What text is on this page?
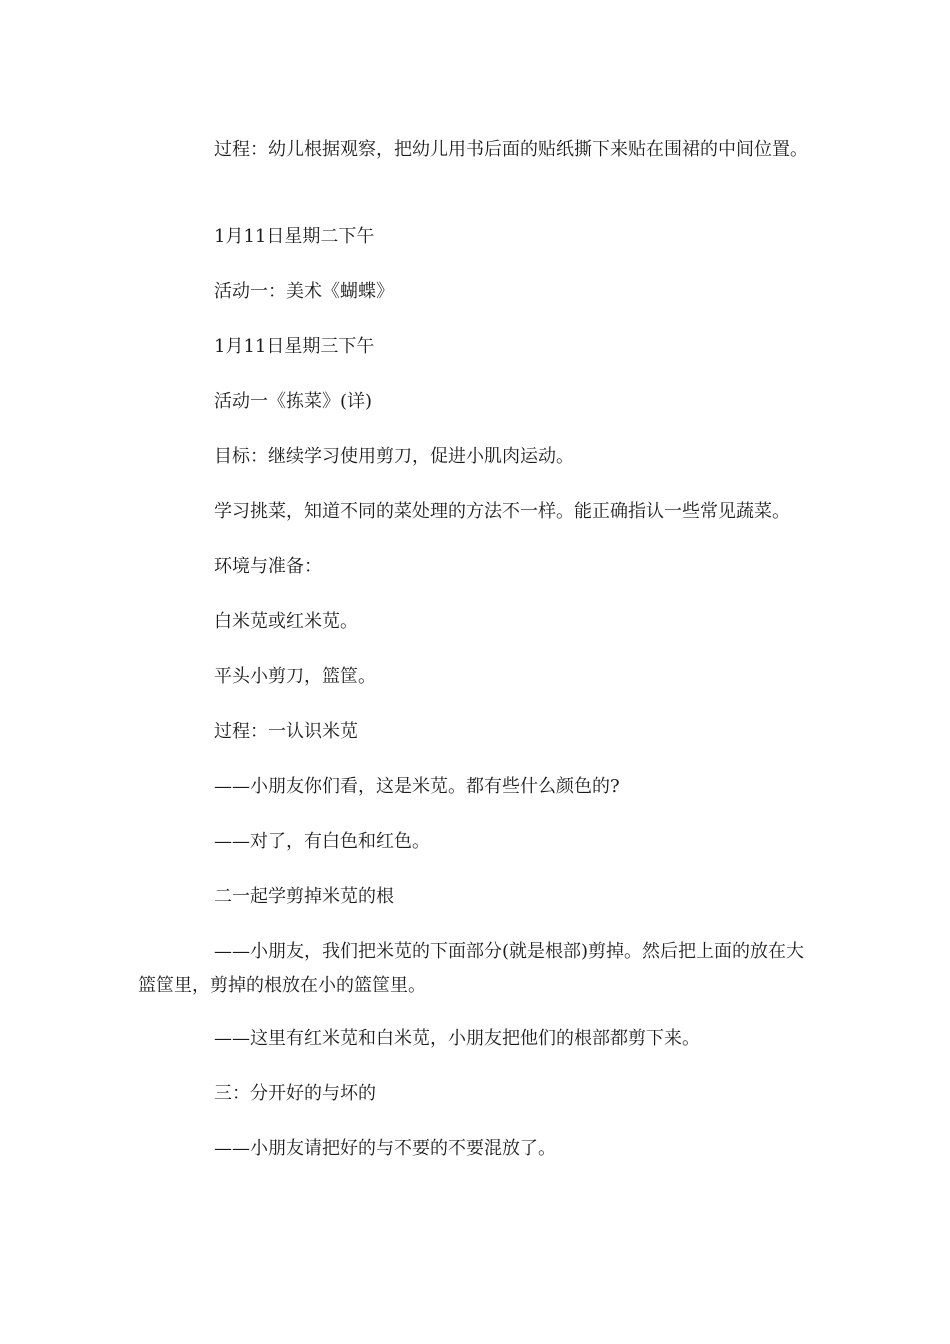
过程：幼儿根据观察，把幼儿用书后面的贴纸撕下来贴在围裙的中间位置。

1月11日星期二下午

活动一：美术《蝴蝶》

1月11日星期三下午

活动一《拣菜》(详)

目标：继续学习使用剪刀，促进小肌肉运动。

学习挑菜，知道不同的菜处理的方法不一样。能正确指认一些常见蔬菜。

环境与准备：

白米苋或红米苋。

平头小剪刀，篮筐。

过程：一认识米苋

——小朋友你们看，这是米苋。都有些什么颜色的?

——对了，有白色和红色。

二一起学剪掉米苋的根

——小朋友，我们把米苋的下面部分(就是根部)剪掉。然后把上面的放在大篮筐里，剪掉的根放在小的篮筐里。

——这里有红米苋和白米苋，小朋友把他们的根部都剪下来。

三：分开好的与坏的

——小朋友请把好的与不要的不要混放了。
